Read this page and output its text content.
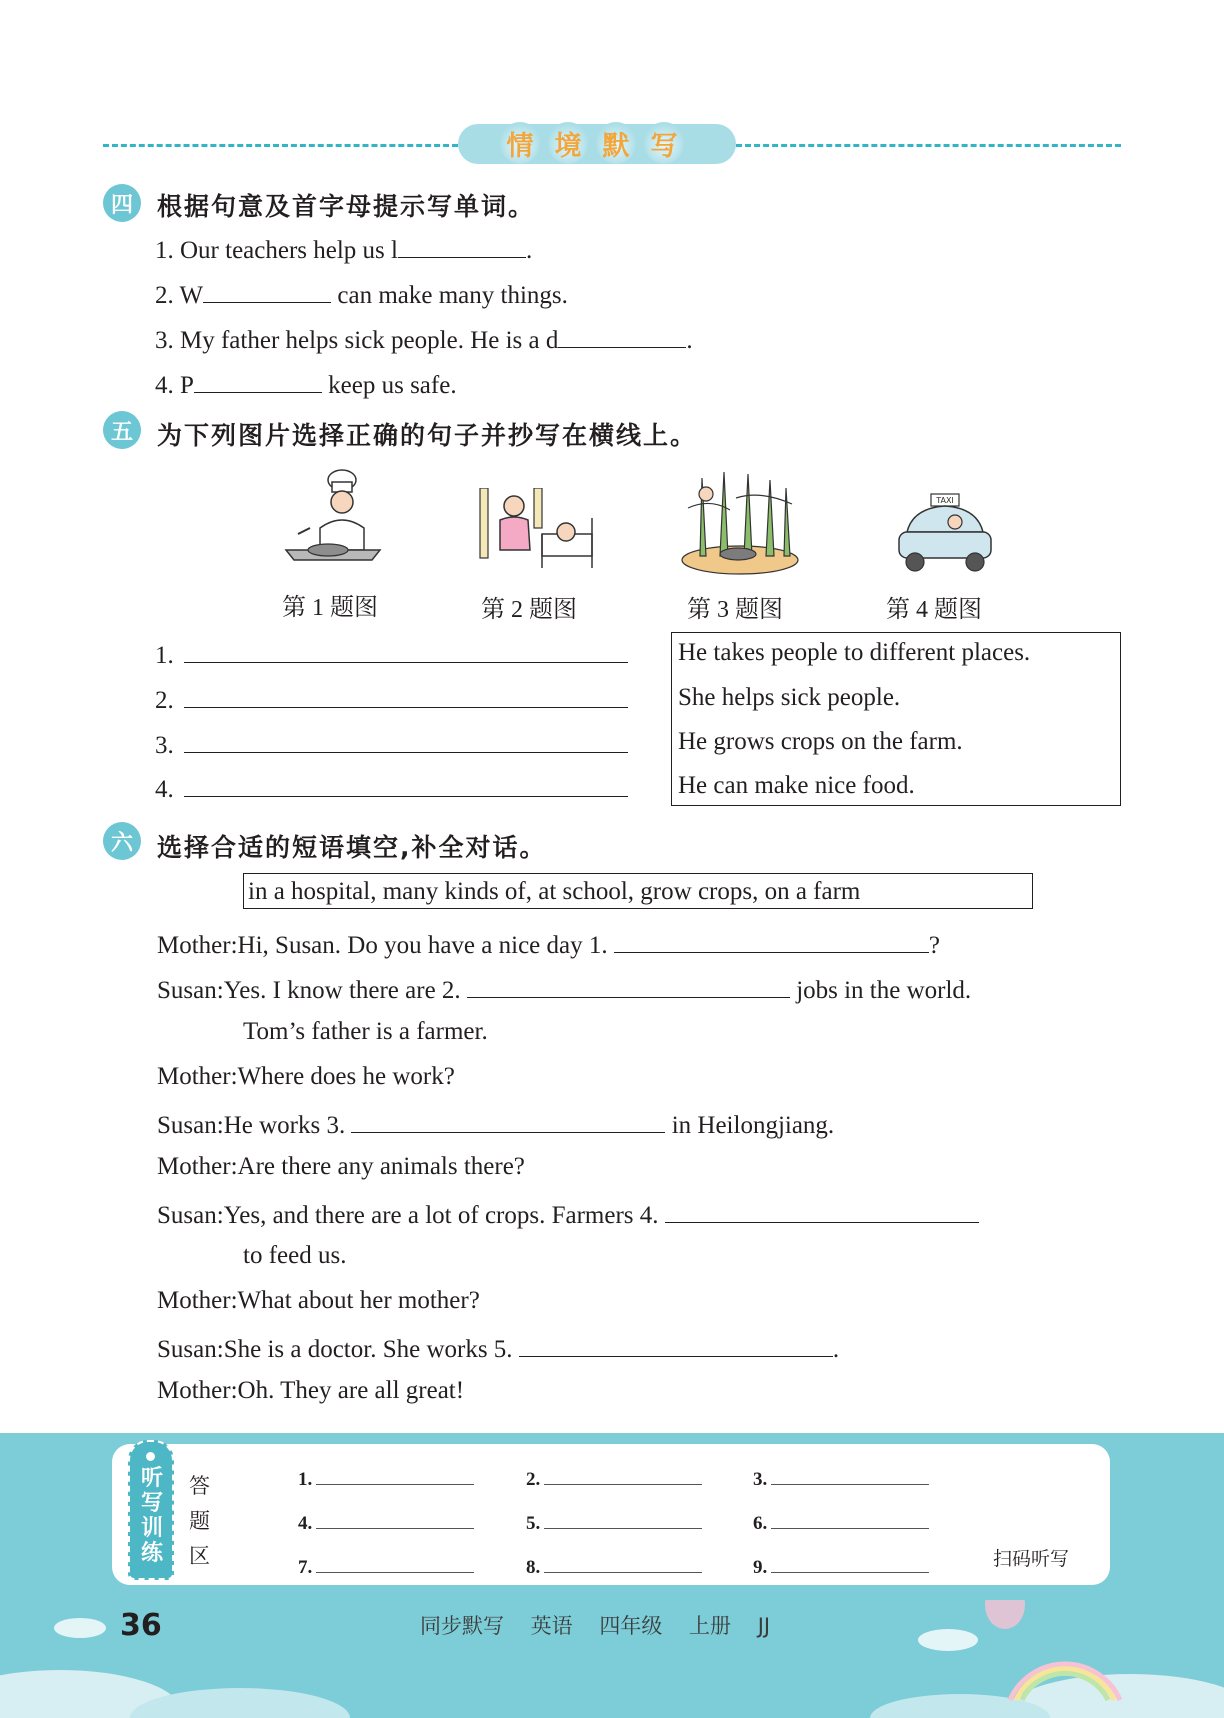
情 境 默 写
四 根据句意及首字母提示写单词。
1. Our teachers help us l	.
2. W	can make many things.
3. My father helps sick people. He is a d	.
4. P	keep us safe.
五 为下列图片选择正确的句子并抄写在横线上。
TAXI
第 1 题图	第 2 题图	第 3 题图	第 4 题图
1.
2.
3.
4.
He takes people to different places.
She helps sick people.
He grows crops on the farm.
He can make nice food.
六 选择合适的短语填空,补全对话。
in a hospital, many kinds of, at school, grow crops, on a farm
Mother:Hi, Susan. Do you have a nice day 1.	?
Susan:Yes. I know there are 2.	jobs in the world.
Tom’s father is a farmer.
Mother:Where does he work?
Susan:He works 3.	in Heilongjiang.
Mother:Are there any animals there?
Susan:Yes, and there are a lot of crops. Farmers 4.
to feed us.
Mother:What about her mother?
Susan:She is a doctor. She works 5.	.
Mother:Oh. They are all great!
听写训练
答
题
区
1.	2.	3.
4.	5.	6.
7.	8.	9.	扫码听写
36	同步默写 英语 四年级 上册 JJ
